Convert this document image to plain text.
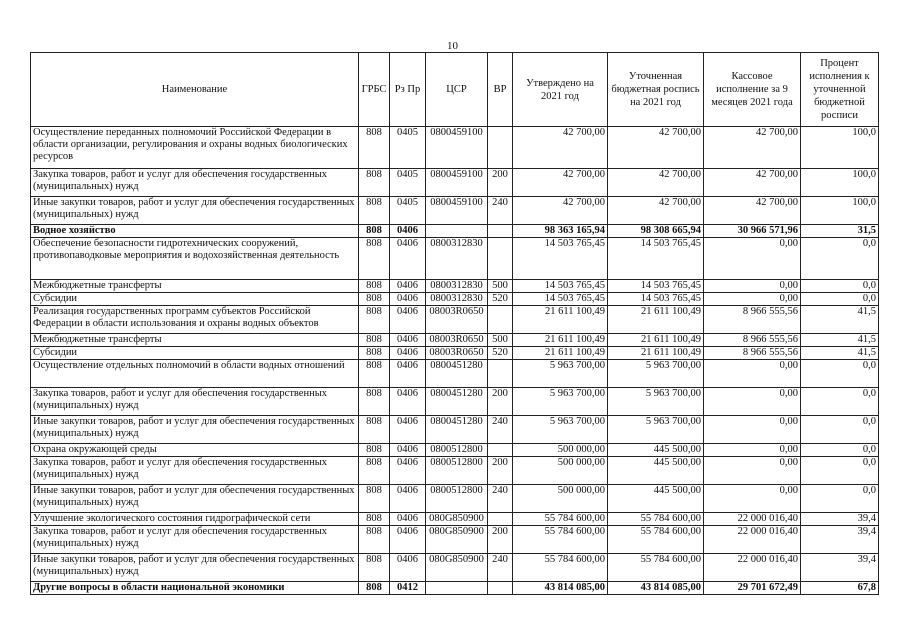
10
Наименование	ГРБС	Рз Пр	ЦСР	ВР	Утверждено на 2021 год	Уточненная бюджетная роспись на 2021 год	Кассовое исполнение за 9 месяцев 2021 года	Процент исполнения к уточненной бюджетной росписи
Осуществление переданных полномочий Российской Федерации в области организации, регулирования и охраны водных биологических ресурсов	808	0405	0800459100		42 700,00	42 700,00	42 700,00	100,0
Закупка товаров, работ и услуг для обеспечения государственных (муниципальных) нужд	808	0405	0800459100	200	42 700,00	42 700,00	42 700,00	100,0
Иные закупки товаров, работ и услуг для обеспечения государственных (муниципальных) нужд	808	0405	0800459100	240	42 700,00	42 700,00	42 700,00	100,0
Водное хозяйство	808	0406			98 363 165,94	98 308 665,94	30 966 571,96	31,5
Обеспечение безопасности гидротехнических сооружений, противопаводковые мероприятия и водохозяйственная деятельность	808	0406	0800312830		14 503 765,45	14 503 765,45	0,00	0,0
Межбюджетные трансферты	808	0406	0800312830	500	14 503 765,45	14 503 765,45	0,00	0,0
Субсидии	808	0406	0800312830	520	14 503 765,45	14 503 765,45	0,00	0,0
Реализация государственных программ субъектов Российской Федерации в области использования и охраны водных объектов	808	0406	08003R0650		21 611 100,49	21 611 100,49	8 966 555,56	41,5
Межбюджетные трансферты	808	0406	08003R0650	500	21 611 100,49	21 611 100,49	8 966 555,56	41,5
Субсидии	808	0406	08003R0650	520	21 611 100,49	21 611 100,49	8 966 555,56	41,5
Осуществление отдельных полномочий в области водных отношений	808	0406	0800451280		5 963 700,00	5 963 700,00	0,00	0,0
Закупка товаров, работ и услуг для обеспечения государственных (муниципальных) нужд	808	0406	0800451280	200	5 963 700,00	5 963 700,00	0,00	0,0
Иные закупки товаров, работ и услуг для обеспечения государственных (муниципальных) нужд	808	0406	0800451280	240	5 963 700,00	5 963 700,00	0,00	0,0
Охрана окружающей среды	808	0406	0800512800		500 000,00	445 500,00	0,00	0,0
Закупка товаров, работ и услуг для обеспечения государственных (муниципальных) нужд	808	0406	0800512800	200	500 000,00	445 500,00	0,00	0,0
Иные закупки товаров, работ и услуг для обеспечения государственных (муниципальных) нужд	808	0406	0800512800	240	500 000,00	445 500,00	0,00	0,0
Улучшение экологического состояния гидрографической сети	808	0406	080G850900		55 784 600,00	55 784 600,00	22 000 016,40	39,4
Закупка товаров, работ и услуг для обеспечения государственных (муниципальных) нужд	808	0406	080G850900	200	55 784 600,00	55 784 600,00	22 000 016,40	39,4
Иные закупки товаров, работ и услуг для обеспечения государственных (муниципальных) нужд	808	0406	080G850900	240	55 784 600,00	55 784 600,00	22 000 016,40	39,4
Другие вопросы в области национальной экономики	808	0412			43 814 085,00	43 814 085,00	29 701 672,49	67,8
